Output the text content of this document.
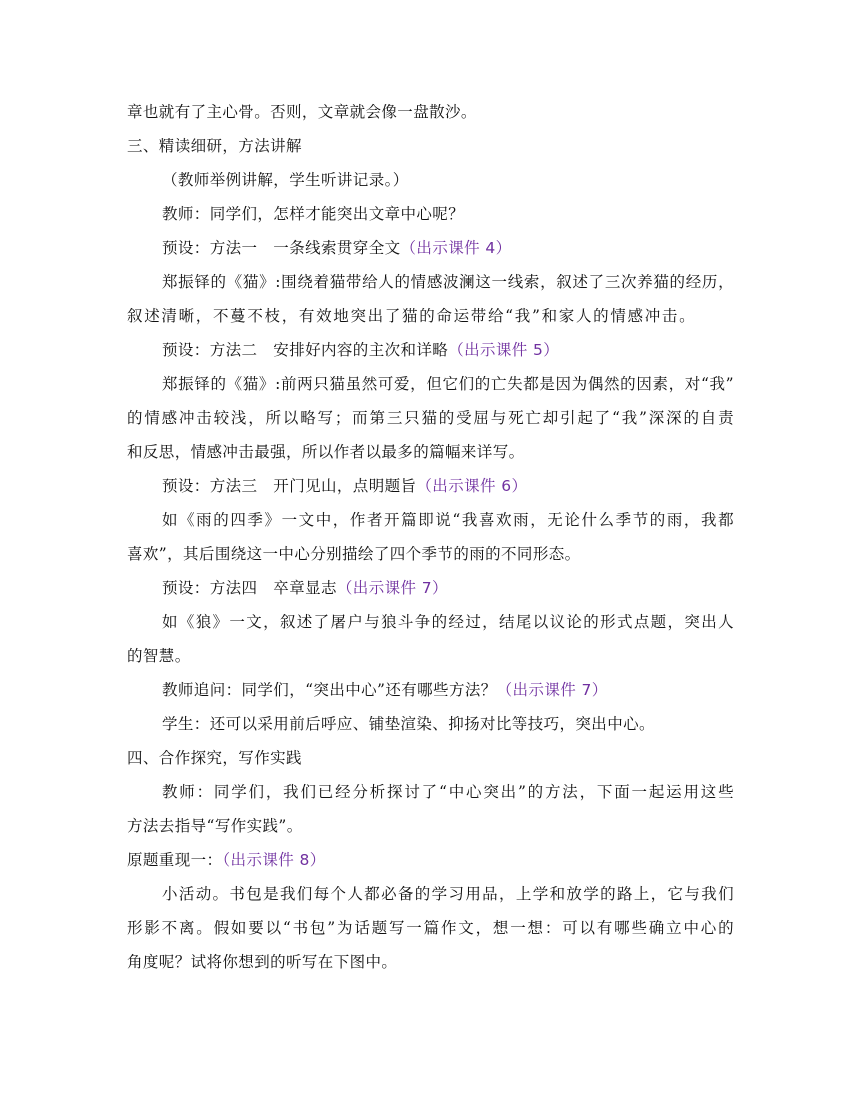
章也就有了主心骨。否则，文章就会像一盘散沙。
三、精读细研，方法讲解
（教师举例讲解，学生听讲记录。）
教师：同学们，怎样才能突出文章中心呢？
预设：方法一　一条线索贯穿全文（出示课件 4）
郑振铎的《猫》:围绕着猫带给人的情感波澜这一线索，叙述了三次养猫的经历，
叙述清晰，不蔓不枝，有效地突出了猫的命运带给“我”和家人的情感冲击。
预设：方法二　安排好内容的主次和详略（出示课件 5）
郑振铎的《猫》:前两只猫虽然可爱，但它们的亡失都是因为偶然的因素，对“我”
的情感冲击较浅，所以略写；而第三只猫的受屈与死亡却引起了“我”深深的自责
和反思，情感冲击最强，所以作者以最多的篇幅来详写。
预设：方法三　开门见山，点明题旨（出示课件 6）
如《雨的四季》一文中，作者开篇即说“我喜欢雨，无论什么季节的雨，我都
喜欢”，其后围绕这一中心分别描绘了四个季节的雨的不同形态。
预设：方法四　卒章显志（出示课件 7）
如《狼》一文，叙述了屠户与狼斗争的经过，结尾以议论的形式点题，突出人
的智慧。
教师追问：同学们，“突出中心”还有哪些方法？（出示课件 7）
学生：还可以采用前后呼应、铺垫渲染、抑扬对比等技巧，突出中心。
四、合作探究，写作实践
教师：同学们，我们已经分析探讨了“中心突出”的方法，下面一起运用这些
方法去指导“写作实践”。
原题重现一：（出示课件 8）
小活动。书包是我们每个人都必备的学习用品，上学和放学的路上，它与我们
形影不离。假如要以“书包”为话题写一篇作文，想一想：可以有哪些确立中心的
角度呢？试将你想到的听写在下图中。
